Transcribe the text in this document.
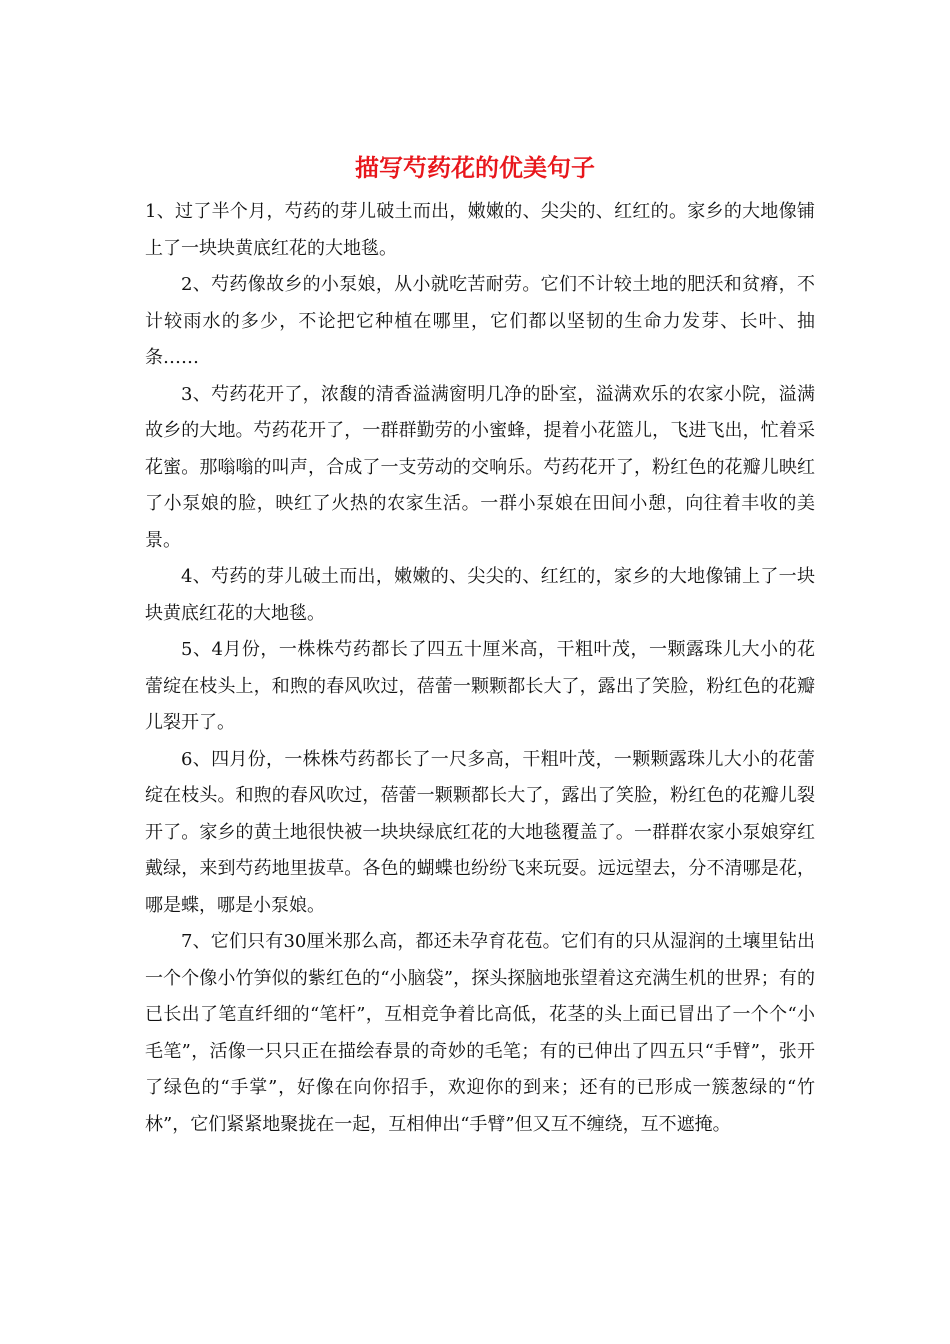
描写芍药花的优美句子

1、过了半个月，芍药的芽儿破土而出，嫩嫩的、尖尖的、红红的。家乡的大地像铺上了一块块黄底红花的大地毯。

2、芍药像故乡的小泵娘，从小就吃苦耐劳。它们不计较土地的肥沃和贫瘠，不计较雨水的多少，不论把它种植在哪里，它们都以坚韧的生命力发芽、长叶、抽条……

3、芍药花开了，浓馥的清香溢满窗明几净的卧室，溢满欢乐的农家小院，溢满故乡的大地。芍药花开了，一群群勤劳的小蜜蜂，提着小花篮儿，飞进飞出，忙着采花蜜。那嗡嗡的叫声，合成了一支劳动的交响乐。芍药花开了，粉红色的花瓣儿映红了小泵娘的脸，映红了火热的农家生活。一群小泵娘在田间小憩，向往着丰收的美景。

4、芍药的芽儿破土而出，嫩嫩的、尖尖的、红红的，家乡的大地像铺上了一块块黄底红花的大地毯。

5、4月份，一株株芍药都长了四五十厘米高，干粗叶茂，一颗露珠儿大小的花蕾绽在枝头上，和煦的春风吹过，蓓蕾一颗颗都长大了，露出了笑脸，粉红色的花瓣儿裂开了。

6、四月份，一株株芍药都长了一尺多高，干粗叶茂，一颗颗露珠儿大小的花蕾绽在枝头。和煦的春风吹过，蓓蕾一颗颗都长大了，露出了笑脸，粉红色的花瓣儿裂开了。家乡的黄土地很快被一块块绿底红花的大地毯覆盖了。一群群农家小泵娘穿红戴绿，来到芍药地里拔草。各色的蝴蝶也纷纷飞来玩耍。远远望去，分不清哪是花，哪是蝶，哪是小泵娘。

7、它们只有30厘米那么高，都还未孕育花苞。它们有的只从湿润的土壤里钻出一个个像小竹笋似的紫红色的“小脑袋”，探头探脑地张望着这充满生机的世界；有的已长出了笔直纤细的“笔杆”，互相竞争着比高低，花茎的头上面已冒出了一个个“小毛笔”，活像一只只正在描绘春景的奇妙的毛笔；有的已伸出了四五只“手臂”，张开了绿色的“手掌”，好像在向你招手，欢迎你的到来；还有的已形成一簇葱绿的“竹林”，它们紧紧地聚拢在一起，互相伸出“手臂”但又互不缠绕，互不遮掩。
